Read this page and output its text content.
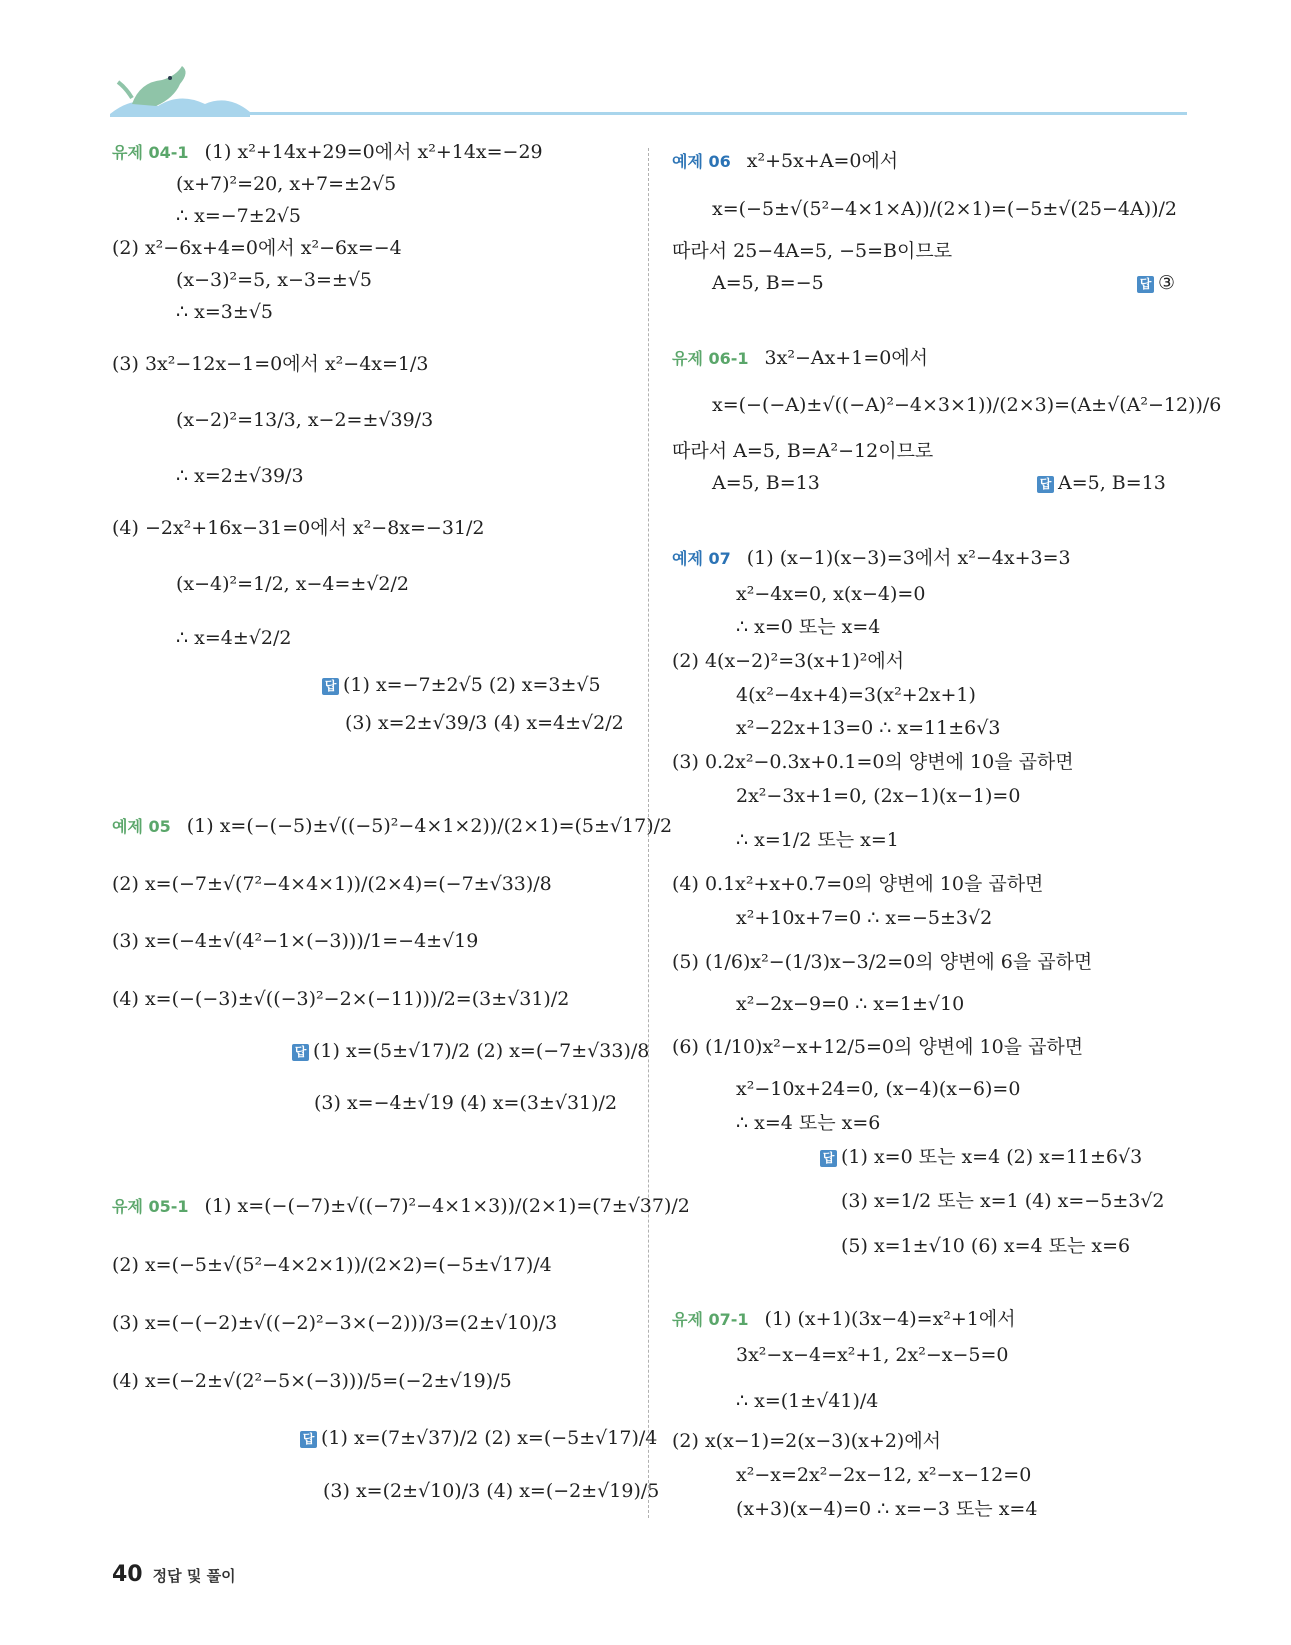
유제 04-1 (1) x²+14x+29=0에서 x²+14x=−29
(x+7)²=20, x+7=±2√5
∴ x=−7±2√5
(2) x²−6x+4=0에서 x²−6x=−4
(x−3)²=5, x−3=±√5
∴ x=3±√5
(3) 3x²−12x−1=0에서 x²−4x=1/3
(x−2)²=13/3, x−2=±√39/3
∴ x=2±√39/3
(4) −2x²+16x−31=0에서 x²−8x=−31/2
(x−4)²=1/2, x−4=±√2/2
∴ x=4±√2/2
답 (1) x=−7±2√5 (2) x=3±√5
(3) x=2±√39/3 (4) x=4±√2/2
예제 05 (1) x=(−(−5)±√((−5)²−4×1×2))/(2×1)=(5±√17)/2
(2) x=(−7±√(7²−4×4×1))/(2×4)=(−7±√33)/8
(3) x=(−4±√(4²−1×(−3)))/1=−4±√19
(4) x=(−(−3)±√((−3)²−2×(−11)))/2=(3±√31)/2
답 (1) x=(5±√17)/2 (2) x=(−7±√33)/8
(3) x=−4±√19 (4) x=(3±√31)/2
유제 05-1 (1) x=(−(−7)±√((−7)²−4×1×3))/(2×1)=(7±√37)/2
(2) x=(−5±√(5²−4×2×1))/(2×2)=(−5±√17)/4
(3) x=(−(−2)±√((−2)²−3×(−2)))/3=(2±√10)/3
(4) x=(−2±√(2²−5×(−3)))/5=(−2±√19)/5
답 (1) x=(7±√37)/2 (2) x=(−5±√17)/4
(3) x=(2±√10)/3 (4) x=(−2±√19)/5
예제 06 x²+5x+A=0에서
x=(−5±√(5²−4×1×A))/(2×1)=(−5±√(25−4A))/2
따라서 25−4A=5, −5=B이므로
A=5, B=−5	답 ③
유제 06-1 3x²−Ax+1=0에서
x=(−(−A)±√((−A)²−4×3×1))/(2×3)=(A±√(A²−12))/6
따라서 A=5, B=A²−12이므로
A=5, B=13	답 A=5, B=13
예제 07 (1) (x−1)(x−3)=3에서 x²−4x+3=3
x²−4x=0, x(x−4)=0
∴ x=0 또는 x=4
(2) 4(x−2)²=3(x+1)²에서
4(x²−4x+4)=3(x²+2x+1)
x²−22x+13=0 ∴ x=11±6√3
(3) 0.2x²−0.3x+0.1=0의 양변에 10을 곱하면
2x²−3x+1=0, (2x−1)(x−1)=0
∴ x=1/2 또는 x=1
(4) 0.1x²+x+0.7=0의 양변에 10을 곱하면
x²+10x+7=0 ∴ x=−5±3√2
(5) (1/6)x²−(1/3)x−3/2=0의 양변에 6을 곱하면
x²−2x−9=0 ∴ x=1±√10
(6) (1/10)x²−x+12/5=0의 양변에 10을 곱하면
x²−10x+24=0, (x−4)(x−6)=0
∴ x=4 또는 x=6
답 (1) x=0 또는 x=4 (2) x=11±6√3
(3) x=1/2 또는 x=1 (4) x=−5±3√2
(5) x=1±√10 (6) x=4 또는 x=6
유제 07-1 (1) (x+1)(3x−4)=x²+1에서
3x²−x−4=x²+1, 2x²−x−5=0
∴ x=(1±√41)/4
(2) x(x−1)=2(x−3)(x+2)에서
x²−x=2x²−2x−12, x²−x−12=0
(x+3)(x−4)=0 ∴ x=−3 또는 x=4
40 정답 및 풀이
